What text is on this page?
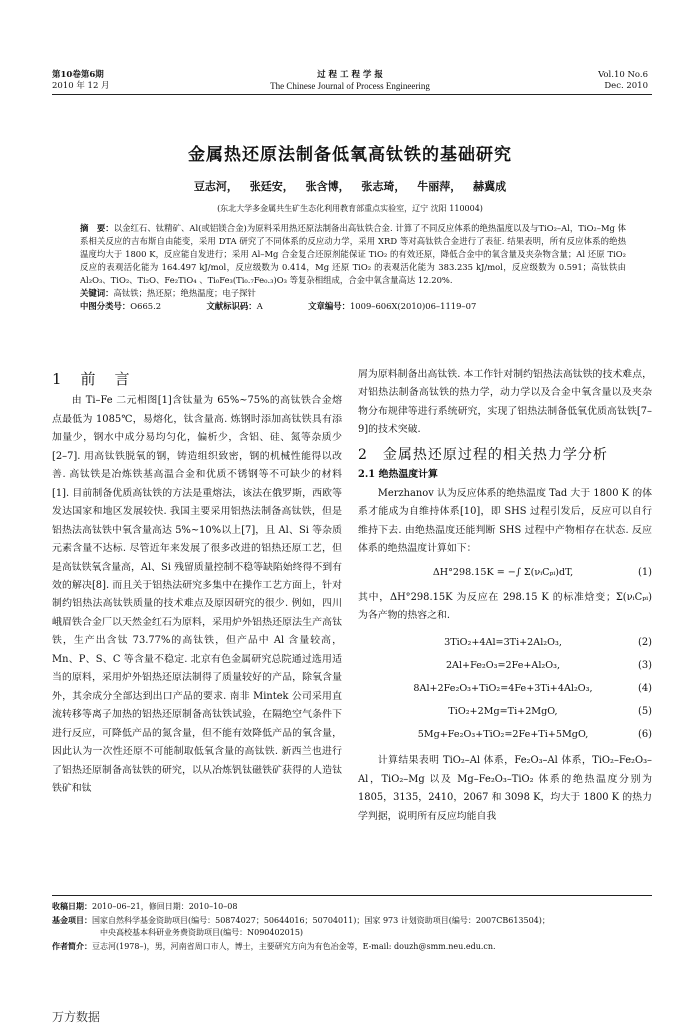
第10卷第6期
2010 年 12 月
过 程 工 程 学 报
The Chinese Journal of Process Engineering
Vol.10 No.6
Dec. 2010
金属热还原法制备低氧高钛铁的基础研究
豆志河， 张廷安， 张含博， 张志琦， 牛丽萍， 赫冀成
(东北大学多金属共生矿生态化利用教育部重点实验室，辽宁 沈阳 110004)
摘　要：以金红石、钛精矿、Al(或铝镁合金)为原料采用热还原法制备出高钛铁合金. 计算了不同反应体系的绝热温度以及与TiO₂–Al，TiO₂–Mg 体系相关反应的吉布斯自由能变，采用 DTA 研究了不同体系的反应动力学，采用 XRD 等对高钛铁合金进行了表征. 结果表明，所有反应体系的绝热温度均大于 1800 K，反应能自发进行；采用 Al–Mg 合金复合还原剂能保证 TiO₂ 的有效还原，降低合金中的氧含量及夹杂物含量；Al 还原 TiO₂ 反应的表观活化能为 164.497 kJ/mol，反应级数为 0.414，Mg 还原 TiO₂ 的表观活化能为 383.235 kJ/mol，反应级数为 0.591；高钛铁由 Al₂O₃、TiO₂、Ti₂O、Fe₂TiO₄ 、Ti₀Fe₃(Ti₀.₇Fe₀.₃)O₃ 等复杂相组成，合金中氧含量高达 12.20%.
关键词：高钛铁；热还原；绝热温度；电子探针
中图分类号：O665.2	文献标识码：A	文章编号：1009–606X(2010)06–1119–07
1　前　言

由 Ti–Fe 二元相图[1]含钛量为 65%~75%的高钛铁合金熔点最低为 1085℃，易熔化，钛含量高. 炼钢时添加高钛铁具有添加量少，钢水中成分易均匀化，偏析少，含铝、硅、氮等杂质少[2–7]. 用高钛铁脱氧的钢，铸造组织致密，钢的机械性能得以改善. 高钛铁是冶炼铁基高温合金和优质不锈钢等不可缺少的材料[1]. 目前制备优质高钛铁的方法是重熔法，该法在俄罗斯，西欧等发达国家和地区发展较快. 我国主要采用铝热法制备高钛铁，但是铝热法高钛铁中氧含量高达 5%~10%以上[7]，且 Al、Si 等杂质元素含量不达标. 尽管近年来发展了很多改进的铝热还原工艺，但是高钛铁氧含量高，Al、Si 残留质量控制不稳等缺陷始终得不到有效的解决[8]. 而且关于铝热法研究多集中在操作工艺方面上，针对制约铝热法高钛铁质量的技术难点及原因研究的很少. 例如，四川峨眉铁合金厂以天然金红石为原料，采用炉外铝热还原法生产高钛铁，生产出含钛 73.77%的高钛铁，但产品中 Al 含量较高，Mn、P、S、C 等含量不稳定. 北京有色金属研究总院通过选用适当的原料，采用炉外铝热还原法制得了质量较好的产品，除氧含量外，其余成分全部达到出口产品的要求. 南非 Mintek 公司采用直流转移等离子加热的铝热还原制备高钛铁试验，在隔绝空气条件下进行反应，可降低产品的氮含量，但不能有效降低产品的氧含量，因此认为一次性还原不可能制取低氧含量的高钛铁. 新西兰也进行了铝热还原制备高钛铁的研究，以从冶炼钒钛磁铁矿获得的人造钛铁矿和钛

屑为原料制备出高钛铁. 本工作针对制约铝热法高钛铁的技术难点，对铝热法制备高钛铁的热力学，动力学以及合金中氧含量以及夹杂物分布规律等进行系统研究，实现了铝热法制备低氧优质高钛铁[7–9]的技术突破.

2　金属热还原过程的相关热力学分析
2.1 绝热温度计算

Merzhanov 认为反应体系的绝热温度 Tad 大于 1800 K 的体系才能成为自维持体系[10]，即 SHS 过程引发后，反应可以自行维持下去. 由绝热温度还能判断 SHS 过程中产物相存在状态. 反应体系的绝热温度计算如下：

ΔH°298.15K = −∫ Σ(νᵢCₚᵢ)dT,	(1)

其中，ΔH°298.15K 为反应在 298.15 K 的标准焓变；Σ(νᵢCₚᵢ) 为各产物的热容之和.

3TiO₂+4Al=3Ti+2Al₂O₃,	(2)
2Al+Fe₂O₃=2Fe+Al₂O₃,	(3)
8Al+2Fe₂O₃+TiO₂=4Fe+3Ti+4Al₂O₃,	(4)
TiO₂+2Mg=Ti+2MgO,	(5)
5Mg+Fe₂O₃+TiO₂=2Fe+Ti+5MgO,	(6)

计算结果表明 TiO₂–Al 体系，Fe₂O₃–Al 体系，TiO₂–Fe₂O₃–Al，TiO₂–Mg 以及 Mg–Fe₂O₃–TiO₂ 体系的绝热温度分别为 1805，3135，2410，2067 和 3098 K，均大于 1800 K 的热力学判据，说明所有反应均能自我

收稿日期：2010–06–21，修回日期：2010–10–08
基金项目：国家自然科学基金资助项目(编号：50874027；50644016；50704011)；国家 973 计划资助项目(编号：2007CB613504)；
中央高校基本科研业务费资助项目(编号：N090402015)
作者简介：豆志河(1978–)，男，河南省周口市人，博士，主要研究方向为有色冶金等，E-mail: douzh@smm.neu.edu.cn.
万方数据
